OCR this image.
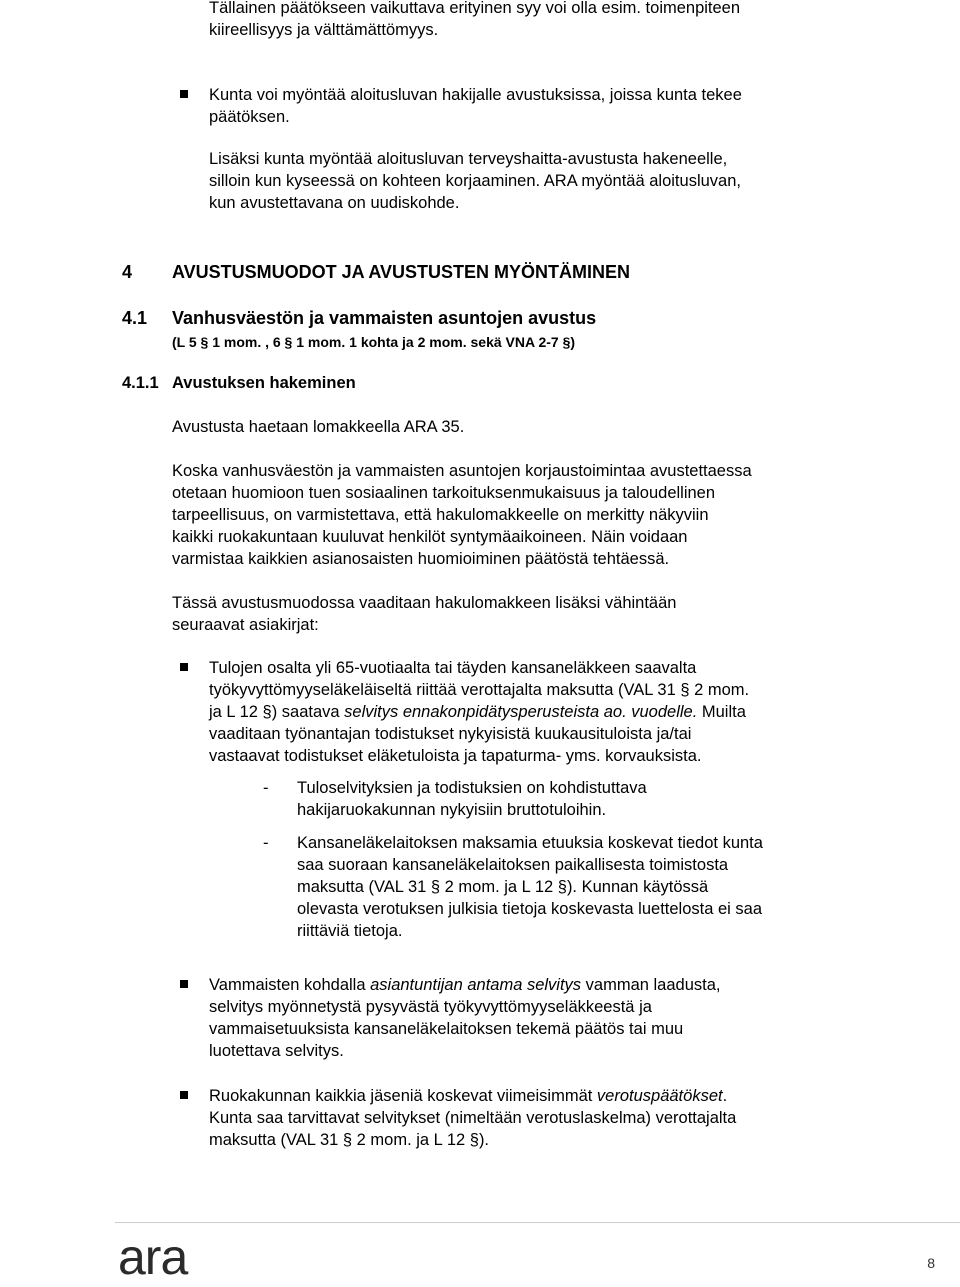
Tällainen päätökseen vaikuttava erityinen syy voi olla esim. toimenpiteen
kiireellisyys ja välttämättömyys.
Kunta voi myöntää aloitusluvan hakijalle avustuksissa, joissa kunta tekee
päätöksen.
Lisäksi kunta myöntää aloitusluvan terveyshaitta-avustusta hakeneelle,
silloin kun kyseessä on kohteen korjaaminen. ARA myöntää aloitusluvan,
kun avustettavana on uudiskohde.
4 AVUSTUSMUODOT JA AVUSTUSTEN MYÖNTÄMINEN
4.1 Vanhusväestön ja vammaisten asuntojen avustus
(L 5 § 1 mom. , 6 § 1 mom. 1 kohta ja 2 mom. sekä VNA 2-7 §)
4.1.1 Avustuksen hakeminen
Avustusta haetaan lomakkeella ARA 35.
Koska vanhusväestön ja vammaisten asuntojen korjaustoimintaa avustettaessa
otetaan huomioon tuen sosiaalinen tarkoituksenmukaisuus ja taloudellinen
tarpeellisuus, on varmistettava, että hakulomakkeelle on merkitty näkyviin
kaikki ruokakuntaan kuuluvat henkilöt syntymäaikoineen. Näin voidaan
varmistaa kaikkien asianosaisten huomioiminen päätöstä tehtäessä.
Tässä avustusmuodossa vaaditaan hakulomakkeen lisäksi vähintään
seuraavat asiakirjat:
Tulojen osalta yli 65-vuotiaalta tai täyden kansaneläkkeen saavalta
työkyvyttömyyseläkeläiseltä riittää verottajalta maksutta (VAL 31 § 2 mom.
ja L 12 §) saatava selvitys ennakonpidätysperusteista ao. vuodelle. Muilta
vaaditaan työnantajan todistukset nykyisistä kuukausituloista ja/tai
vastaavat todistukset eläketuloista ja tapaturma- yms. korvauksista.
- Tuloselvityksien ja todistuksien on kohdistuttava
hakijaruokakunnan nykyisiin bruttotuloihin.
- Kansaneläkelaitoksen maksamia etuuksia koskevat tiedot kunta
saa suoraan kansaneläkelaitoksen paikallisesta toimistosta
maksutta (VAL 31 § 2 mom. ja L 12 §). Kunnan käytössä
olevasta verotuksen julkisia tietoja koskevasta luettelosta ei saa
riittäviä tietoja.
Vammaisten kohdalla asiantuntijan antama selvitys vamman laadusta,
selvitys myönnetystä pysyvästä työkyvyttömyyseläkkeestä ja
vammaisetuuksista kansaneläkelaitoksen tekemä päätös tai muu
luotettava selvitys.
Ruokakunnan kaikkia jäseniä koskevat viimeisimmät verotuspäätökset.
Kunta saa tarvittavat selvitykset (nimeltään verotuslaskelma) verottajalta
maksutta (VAL 31 § 2 mom. ja L 12 §).
ara	8
